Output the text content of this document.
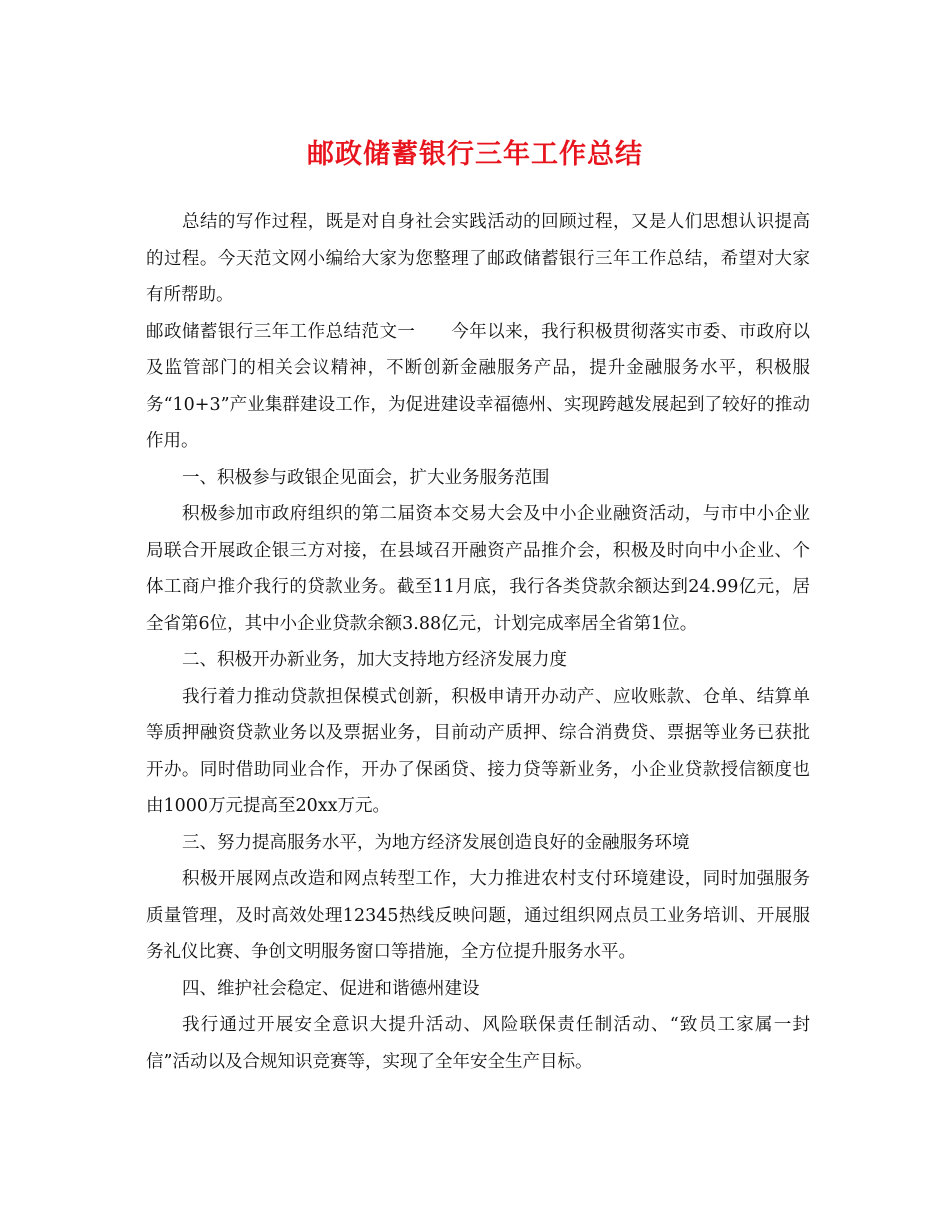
邮政储蓄银行三年工作总结

总结的写作过程，既是对自身社会实践活动的回顾过程，又是人们思想认识提高的过程。今天范文网小编给大家为您整理了邮政储蓄银行三年工作总结，希望对大家有所帮助。

邮政储蓄银行三年工作总结范文一　　今年以来，我行积极贯彻落实市委、市政府以及监管部门的相关会议精神，不断创新金融服务产品，提升金融服务水平，积极服务“10+3”产业集群建设工作，为促进建设幸福德州、实现跨越发展起到了较好的推动作用。

一、积极参与政银企见面会，扩大业务服务范围

积极参加市政府组织的第二届资本交易大会及中小企业融资活动，与市中小企业局联合开展政企银三方对接，在县域召开融资产品推介会，积极及时向中小企业、个体工商户推介我行的贷款业务。截至11月底，我行各类贷款余额达到24.99亿元，居全省第6位，其中小企业贷款余额3.88亿元，计划完成率居全省第1位。

二、积极开办新业务，加大支持地方经济发展力度

我行着力推动贷款担保模式创新，积极申请开办动产、应收账款、仓单、结算单等质押融资贷款业务以及票据业务，目前动产质押、综合消费贷、票据等业务已获批开办。同时借助同业合作，开办了保函贷、接力贷等新业务，小企业贷款授信额度也由1000万元提高至20xx万元。

三、努力提高服务水平，为地方经济发展创造良好的金融服务环境

积极开展网点改造和网点转型工作，大力推进农村支付环境建设，同时加强服务质量管理，及时高效处理12345热线反映问题，通过组织网点员工业务培训、开展服务礼仪比赛、争创文明服务窗口等措施，全方位提升服务水平。

四、维护社会稳定、促进和谐德州建设

我行通过开展安全意识大提升活动、风险联保责任制活动、“致员工家属一封信”活动以及合规知识竞赛等，实现了全年安全生产目标。
